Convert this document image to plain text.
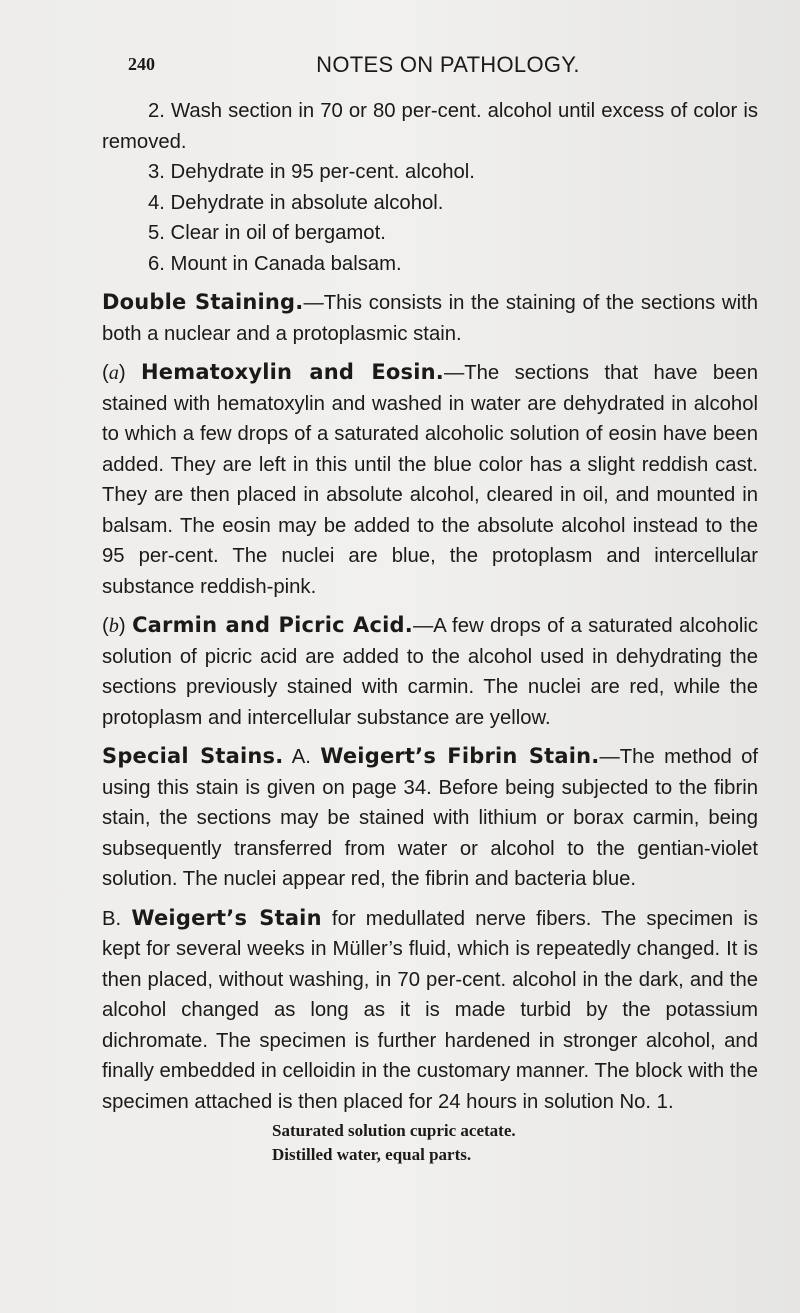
240	NOTES ON PATHOLOGY.

2. Wash section in 70 or 80 per-cent. alcohol until excess of color is removed.

3. Dehydrate in 95 per-cent. alcohol.

4. Dehydrate in absolute alcohol.

5. Clear in oil of bergamot.

6. Mount in Canada balsam.

Double Staining.—This consists in the staining of the sections with both a nuclear and a protoplasmic stain.

(a) Hematoxylin and Eosin.—The sections that have been stained with hematoxylin and washed in water are dehydrated in alcohol to which a few drops of a saturated alcoholic solution of eosin have been added. They are left in this until the blue color has a slight reddish cast. They are then placed in absolute alcohol, cleared in oil, and mounted in balsam. The eosin may be added to the absolute alcohol instead to the 95 per-cent. The nuclei are blue, the protoplasm and intercellular substance reddish-pink.

(b) Carmin and Picric Acid.—A few drops of a saturated alcoholic solution of picric acid are added to the alcohol used in dehydrating the sections previously stained with carmin. The nuclei are red, while the protoplasm and intercellular substance are yellow.

Special Stains. A. Weigert’s Fibrin Stain.—The method of using this stain is given on page 34. Before being subjected to the fibrin stain, the sections may be stained with lithium or borax carmin, being subsequently transferred from water or alcohol to the gentian-violet solution. The nuclei appear red, the fibrin and bacteria blue.

B. Weigert’s Stain for medullated nerve fibers. The specimen is kept for several weeks in Müller’s fluid, which is repeatedly changed. It is then placed, without washing, in 70 per-cent. alcohol in the dark, and the alcohol changed as long as it is made turbid by the potassium dichromate. The specimen is further hardened in stronger alcohol, and finally embedded in celloidin in the customary manner. The block with the specimen attached is then placed for 24 hours in solution No. 1.

Saturated solution cupric acetate.
Distilled water, equal parts.
